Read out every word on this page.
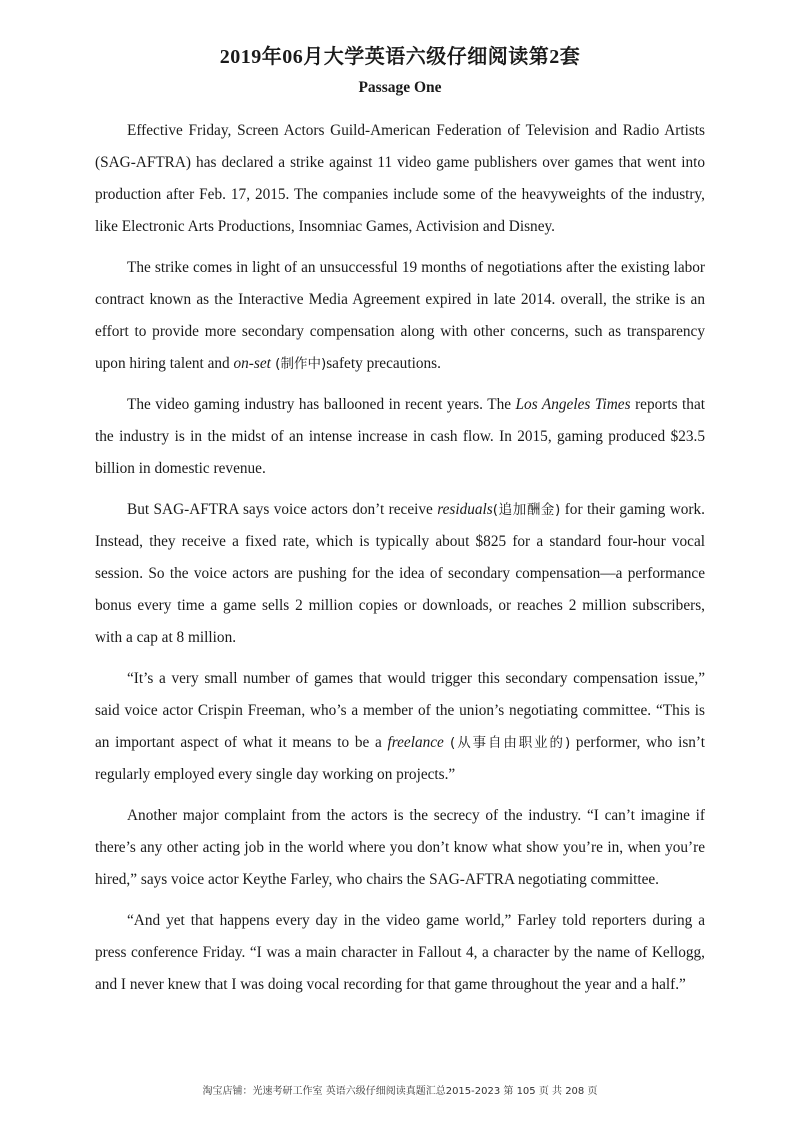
2019年06月大学英语六级仔细阅读第2套
Passage One

Effective Friday, Screen Actors Guild-American Federation of Television and Radio Artists (SAG-AFTRA) has declared a strike against 11 video game publishers over games that went into production after Feb. 17, 2015. The companies include some of the heavyweights of the industry, like Electronic Arts Productions, Insomniac Games, Activision and Disney.

The strike comes in light of an unsuccessful 19 months of negotiations after the existing labor contract known as the Interactive Media Agreement expired in late 2014. overall, the strike is an effort to provide more secondary compensation along with other concerns, such as transparency upon hiring talent and on-set (制作中)safety precautions.

The video gaming industry has ballooned in recent years. The Los Angeles Times reports that the industry is in the midst of an intense increase in cash flow. In 2015, gaming produced $23.5 billion in domestic revenue.

But SAG-AFTRA says voice actors don’t receive residuals(追加酬金) for their gaming work. Instead, they receive a fixed rate, which is typically about $825 for a standard four-hour vocal session. So the voice actors are pushing for the idea of secondary compensation—a performance bonus every time a game sells 2 million copies or downloads, or reaches 2 million subscribers, with a cap at 8 million.

“It’s a very small number of games that would trigger this secondary compensation issue,” said voice actor Crispin Freeman, who’s a member of the union’s negotiating committee. “This is an important aspect of what it means to be a freelance (从事自由职业的) performer, who isn’t regularly employed every single day working on projects.”

Another major complaint from the actors is the secrecy of the industry. “I can’t imagine if there’s any other acting job in the world where you don’t know what show you’re in, when you’re hired,” says voice actor Keythe Farley, who chairs the SAG-AFTRA negotiating committee.

“And yet that happens every day in the video game world,” Farley told reporters during a press conference Friday. “I was a main character in Fallout 4, a character by the name of Kellogg, and I never knew that I was doing vocal recording for that game throughout the year and a half.”

淘宝店铺：光速考研工作室 英语六级仔细阅读真题汇总2015-2023 第 105 页 共 208 页
